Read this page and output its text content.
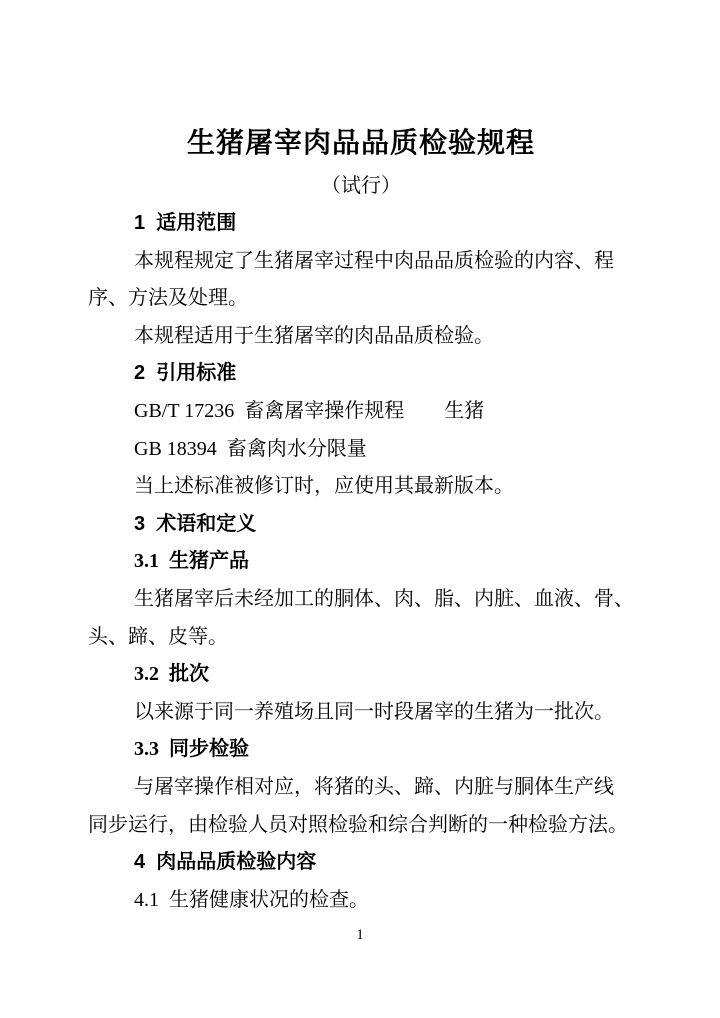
生猪屠宰肉品品质检验规程
（试行）
1  适用范围
本规程规定了生猪屠宰过程中肉品品质检验的内容、程
序、方法及处理。
本规程适用于生猪屠宰的肉品品质检验。
2  引用标准
GB/T 17236  畜禽屠宰操作规程　　生猪
GB 18394  畜禽肉水分限量
当上述标准被修订时，应使用其最新版本。
3  术语和定义
3.1  生猪产品
生猪屠宰后未经加工的胴体、肉、脂、内脏、血液、骨、
头、蹄、皮等。
3.2  批次
以来源于同一养殖场且同一时段屠宰的生猪为一批次。
3.3  同步检验
与屠宰操作相对应，将猪的头、蹄、内脏与胴体生产线
同步运行，由检验人员对照检验和综合判断的一种检验方法。
4  肉品品质检验内容
4.1  生猪健康状况的检查。
1
